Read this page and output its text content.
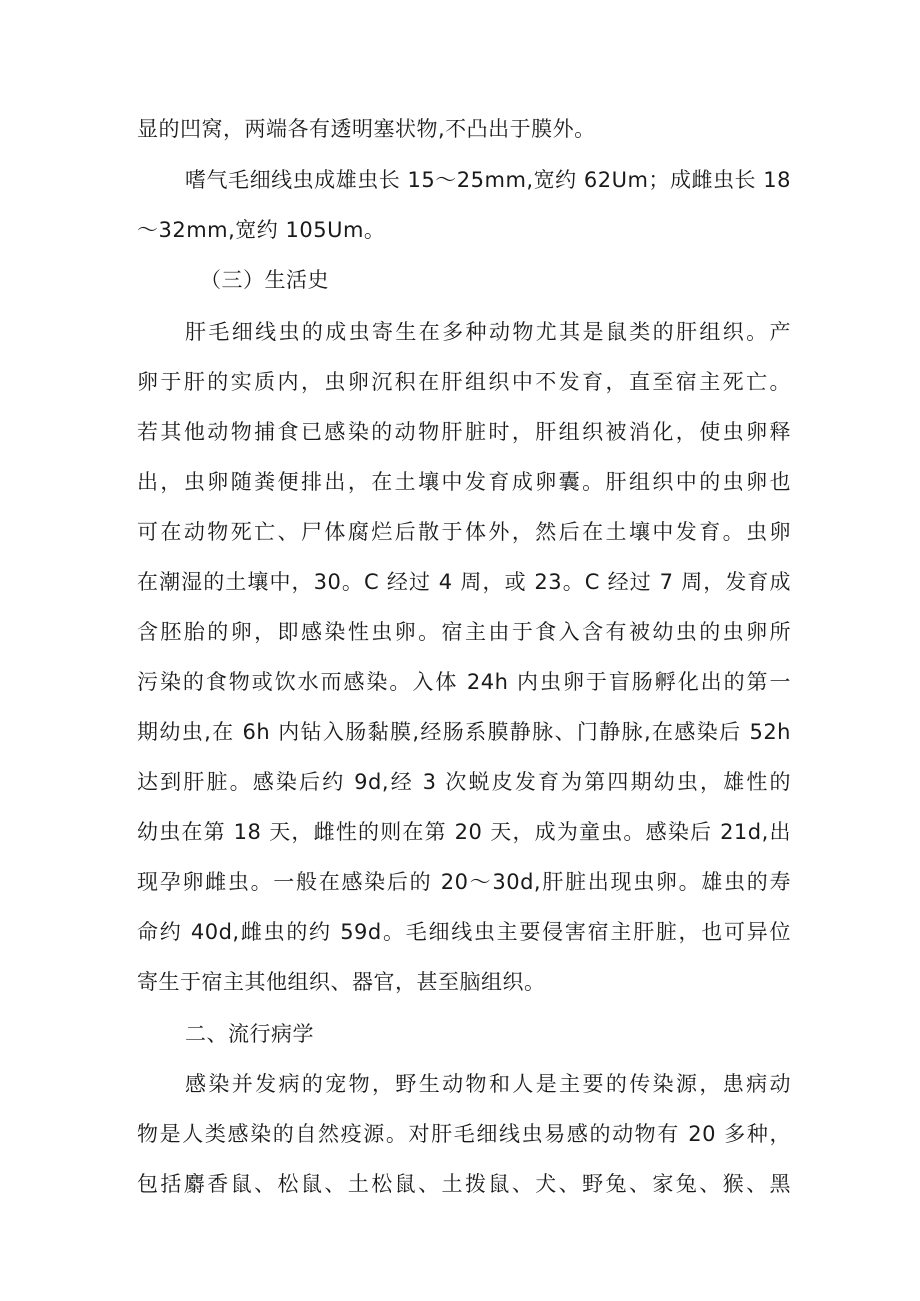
显的凹窝，两端各有透明塞状物,不凸出于膜外。
嗜气毛细线虫成雄虫长 15～25mm,宽约 62Um；成雌虫长 18
～32mm,宽约 105Um。
（三）生活史
肝毛细线虫的成虫寄生在多种动物尤其是鼠类的肝组织。产
卵于肝的实质内，虫卵沉积在肝组织中不发育，直至宿主死亡。
若其他动物捕食已感染的动物肝脏时，肝组织被消化，使虫卵释
出，虫卵随粪便排出，在土壤中发育成卵囊。肝组织中的虫卵也
可在动物死亡、尸体腐烂后散于体外，然后在土壤中发育。虫卵
在潮湿的土壤中，30。C 经过 4 周，或 23。C 经过 7 周，发育成
含胚胎的卵，即感染性虫卵。宿主由于食入含有被幼虫的虫卵所
污染的食物或饮水而感染。入体 24h 内虫卵于盲肠孵化出的第一
期幼虫,在 6h 内钻入肠黏膜,经肠系膜静脉、门静脉,在感染后 52h
达到肝脏。感染后约 9d,经 3 次蜕皮发育为第四期幼虫，雄性的
幼虫在第 18 天，雌性的则在第 20 天，成为童虫。感染后 21d,出
现孕卵雌虫。一般在感染后的 20～30d,肝脏出现虫卵。雄虫的寿
命约 40d,雌虫的约 59d。毛细线虫主要侵害宿主肝脏，也可异位
寄生于宿主其他组织、器官，甚至脑组织。
二、流行病学
感染并发病的宠物，野生动物和人是主要的传染源，患病动
物是人类感染的自然疫源。对肝毛细线虫易感的动物有 20 多种，
包括麝香鼠、松鼠、土松鼠、土拨鼠、犬、野兔、家兔、猴、黑
